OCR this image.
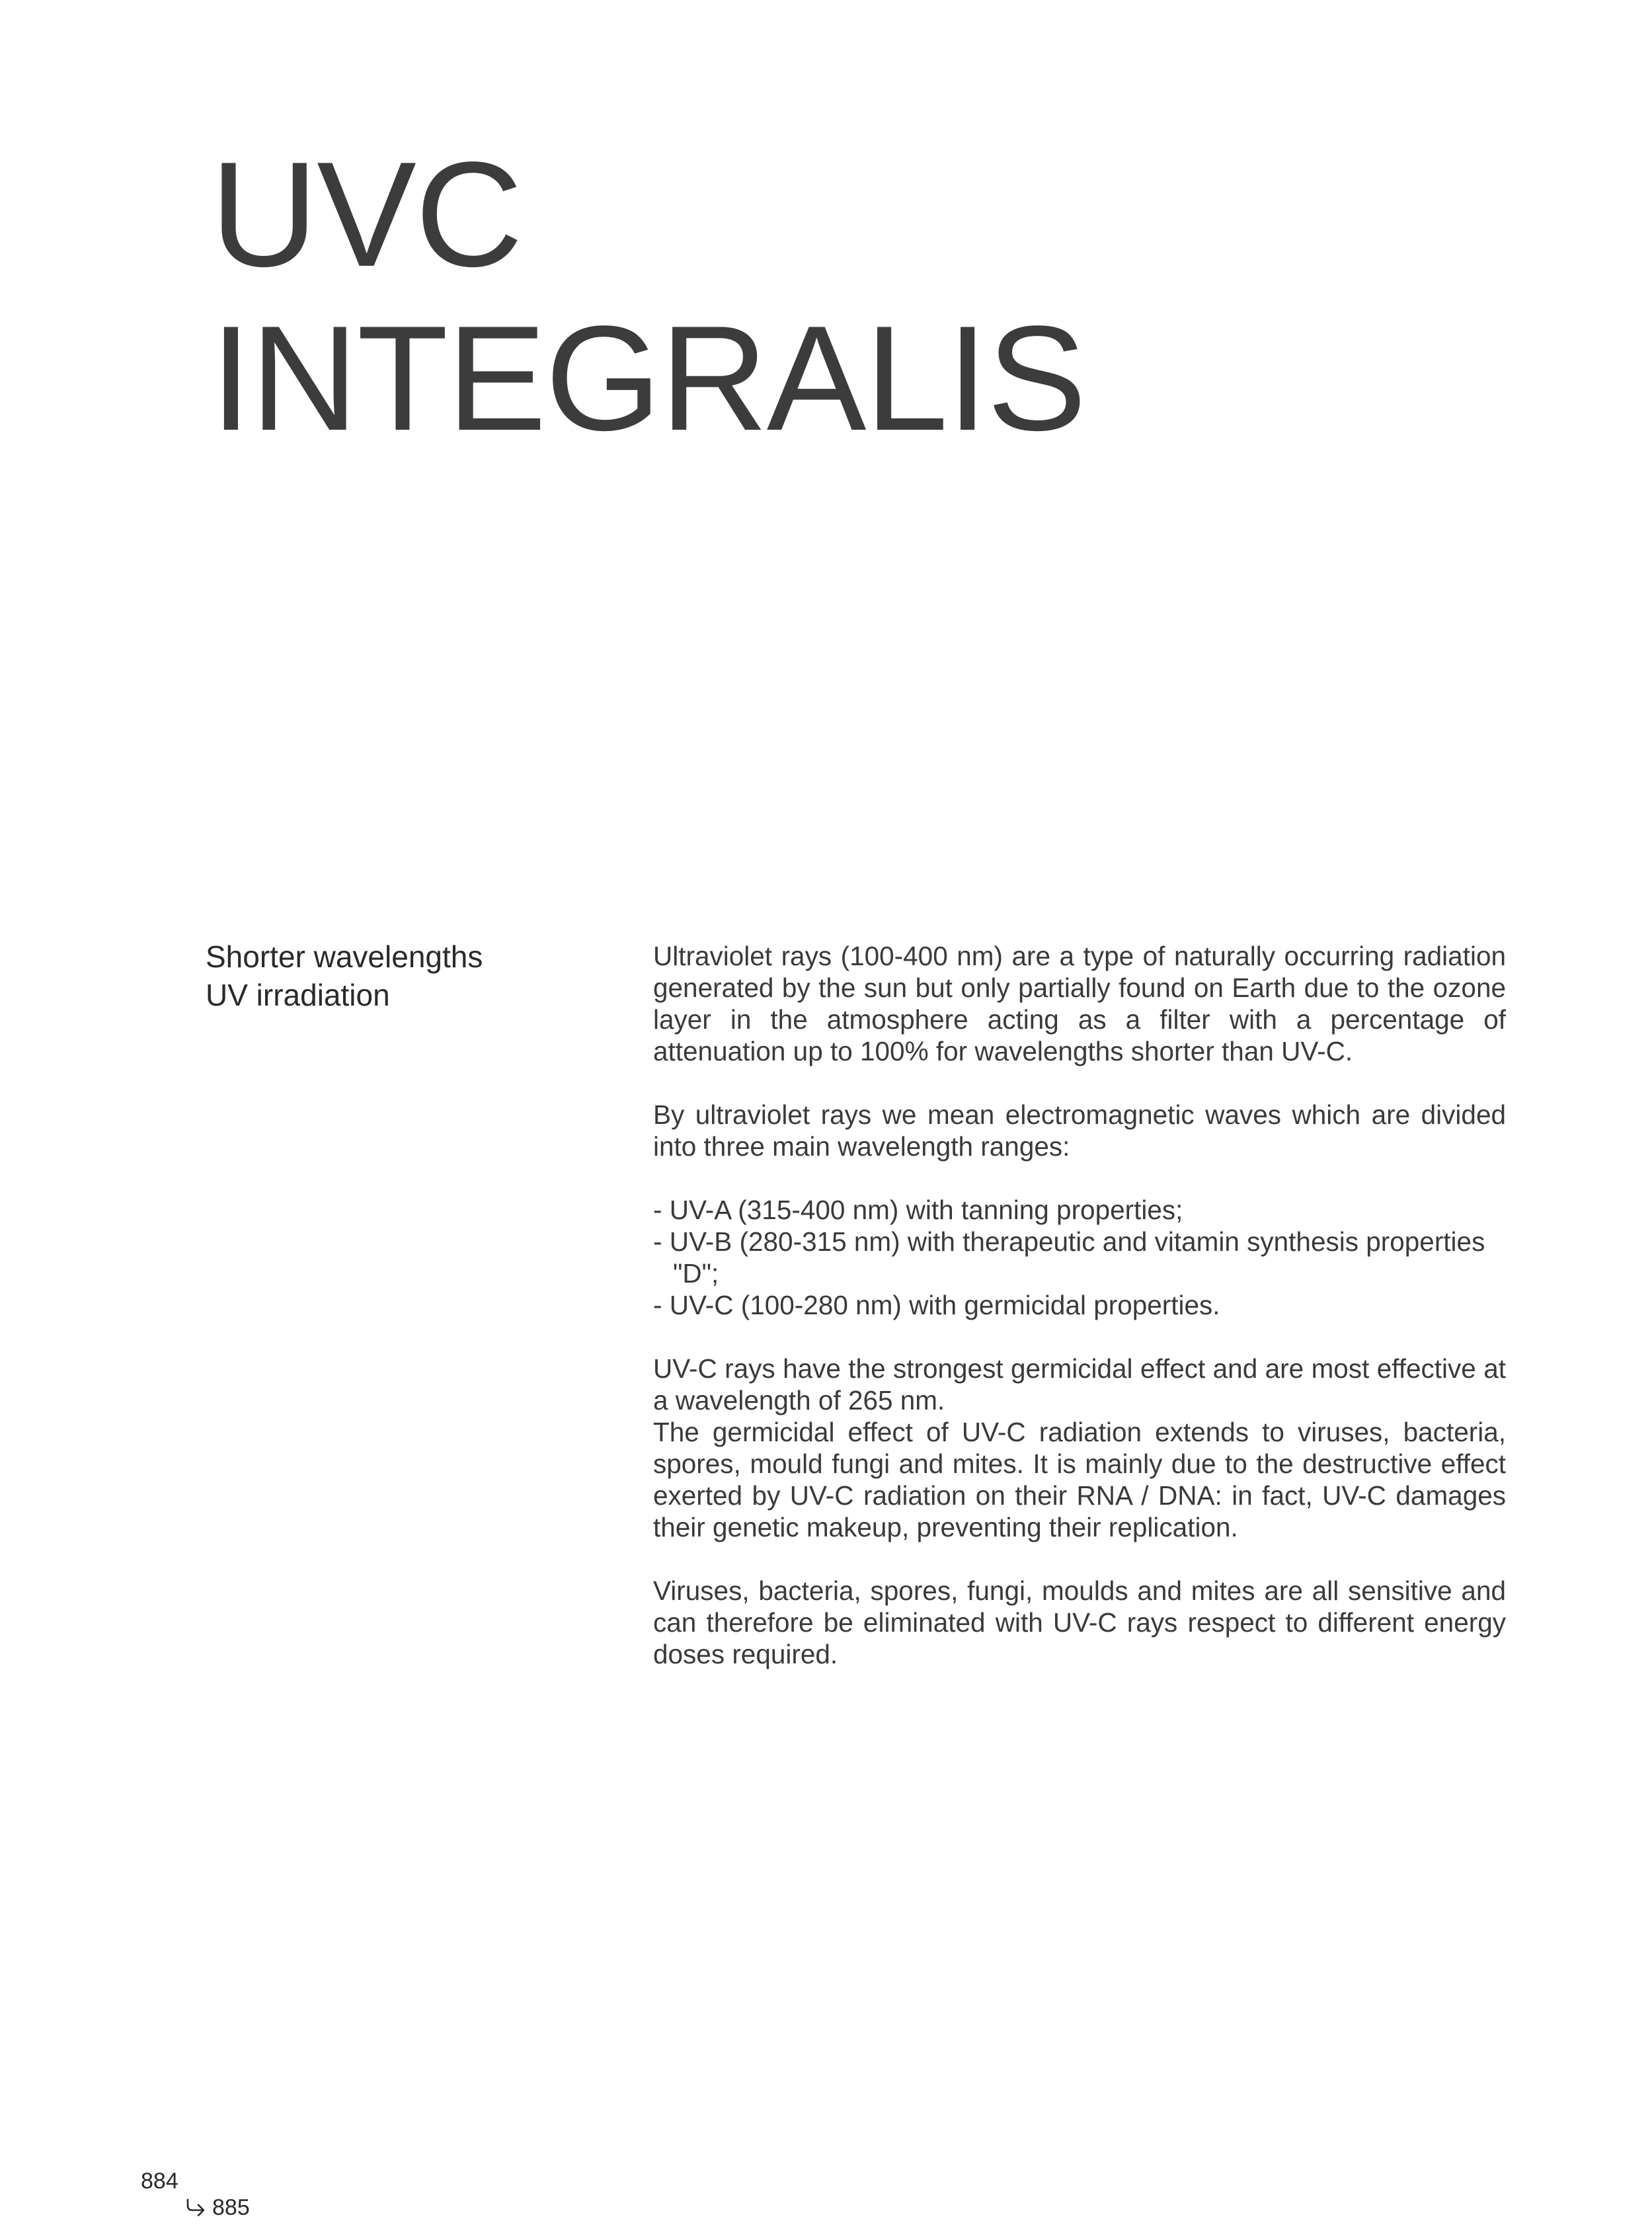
UVC
INTEGRALIS
Shorter wavelengths
UV irradiation

Ultraviolet rays (100-400 nm) are a type of naturally occurring radiation generated by the sun but only partially found on Earth due to the ozone layer in the atmosphere acting as a filter with a percentage of attenuation up to 100% for wavelengths shorter than UV-C.

By ultraviolet rays we mean electromagnetic waves which are divided into three main wavelength ranges:

- UV-A (315-400 nm) with tanning properties;
- UV-B (280-315 nm) with therapeutic and vitamin synthesis properties "D";
- UV-C (100-280 nm) with germicidal properties.

UV-C rays have the strongest germicidal effect and are most effective at a wavelength of 265 nm.
The germicidal effect of UV-C radiation extends to viruses, bacteria, spores, mould fungi and mites. It is mainly due to the destructive effect exerted by UV-C radiation on their RNA / DNA: in fact, UV-C damages their genetic makeup, preventing their replication.

Viruses, bacteria, spores, fungi, moulds and mites are all sensitive and can therefore be eliminated with UV-C rays respect to different energy doses required.

884
885
